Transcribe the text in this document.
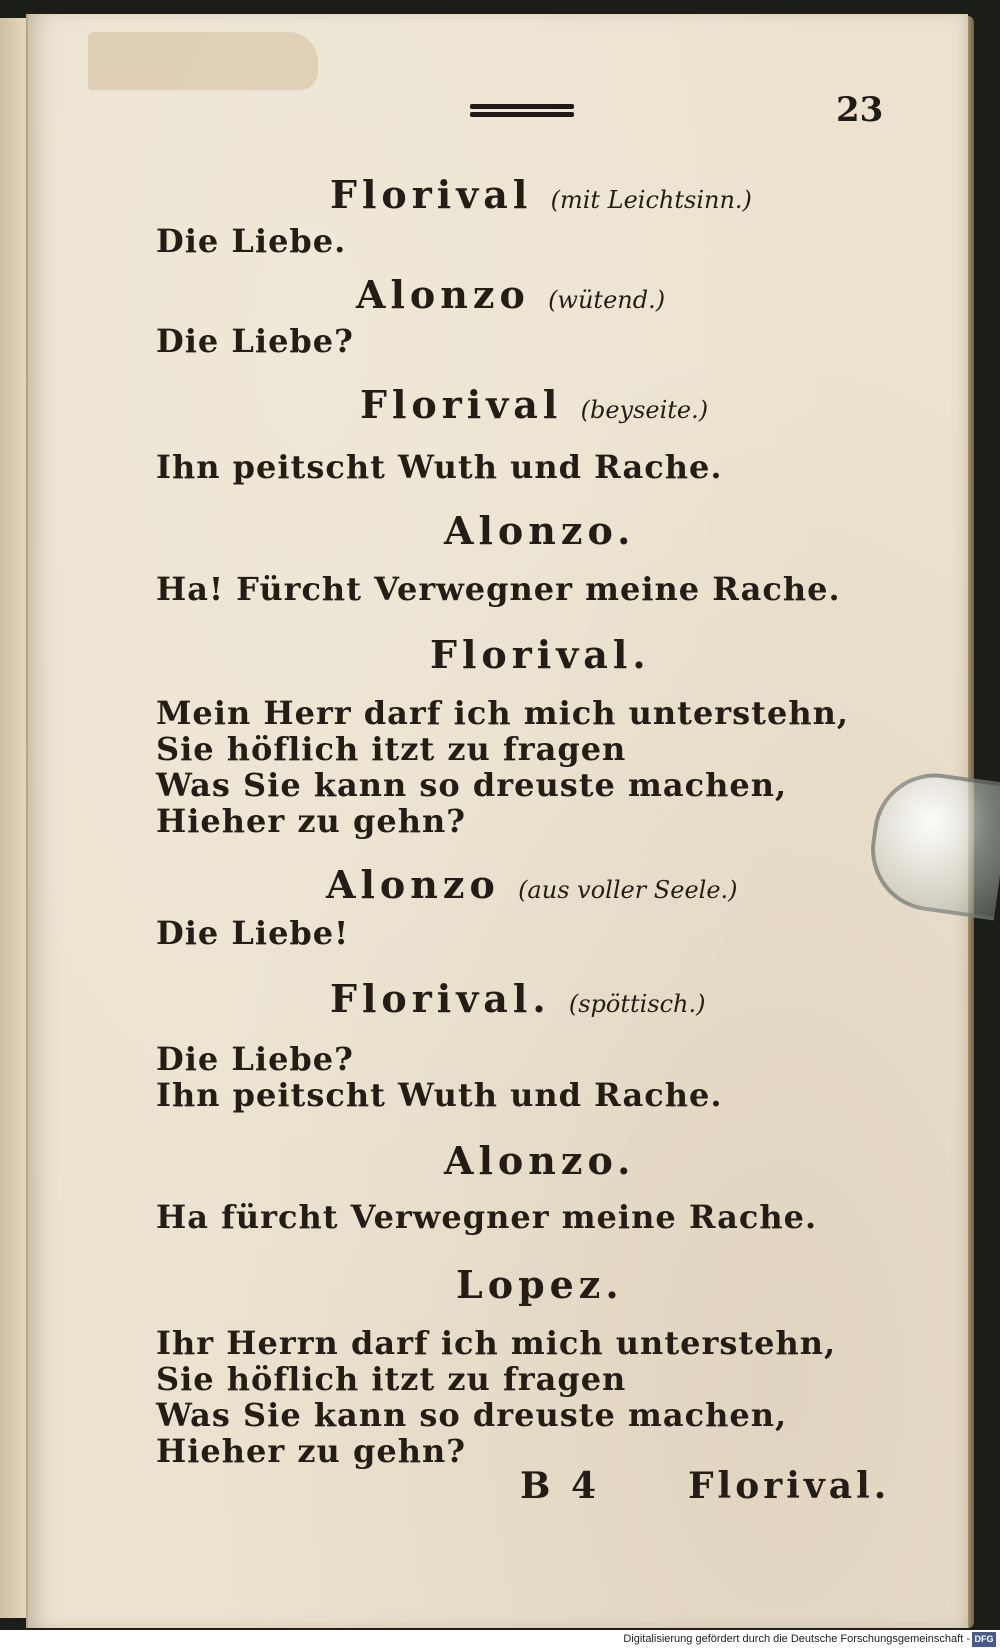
23
Florival (mit Leichtsinn.)
Die Liebe.
Alonzo (wütend.)
Die Liebe?
Florival (beyseite.)
Ihn peitscht Wuth und Rache.
Alonzo.
Ha! Fürcht Verwegner meine Rache.
Florival.
Mein Herr darf ich mich unterstehn,
Sie höflich itzt zu fragen
Was Sie kann so dreuste machen,
Hieher zu gehn?
Alonzo (aus voller Seele.)
Die Liebe!
Florival. (spöttisch.)
Die Liebe?
Ihn peitscht Wuth und Rache.
Alonzo.
Ha fürcht Verwegner meine Rache.
Lopez.
Ihr Herrn darf ich mich unterstehn,
Sie höflich itzt zu fragen
Was Sie kann so dreuste machen,
Hieher zu gehn?
B 4 Florival.
Digitalisierung gefördert durch die Deutsche Forschungsgemeinschaft - DFG
